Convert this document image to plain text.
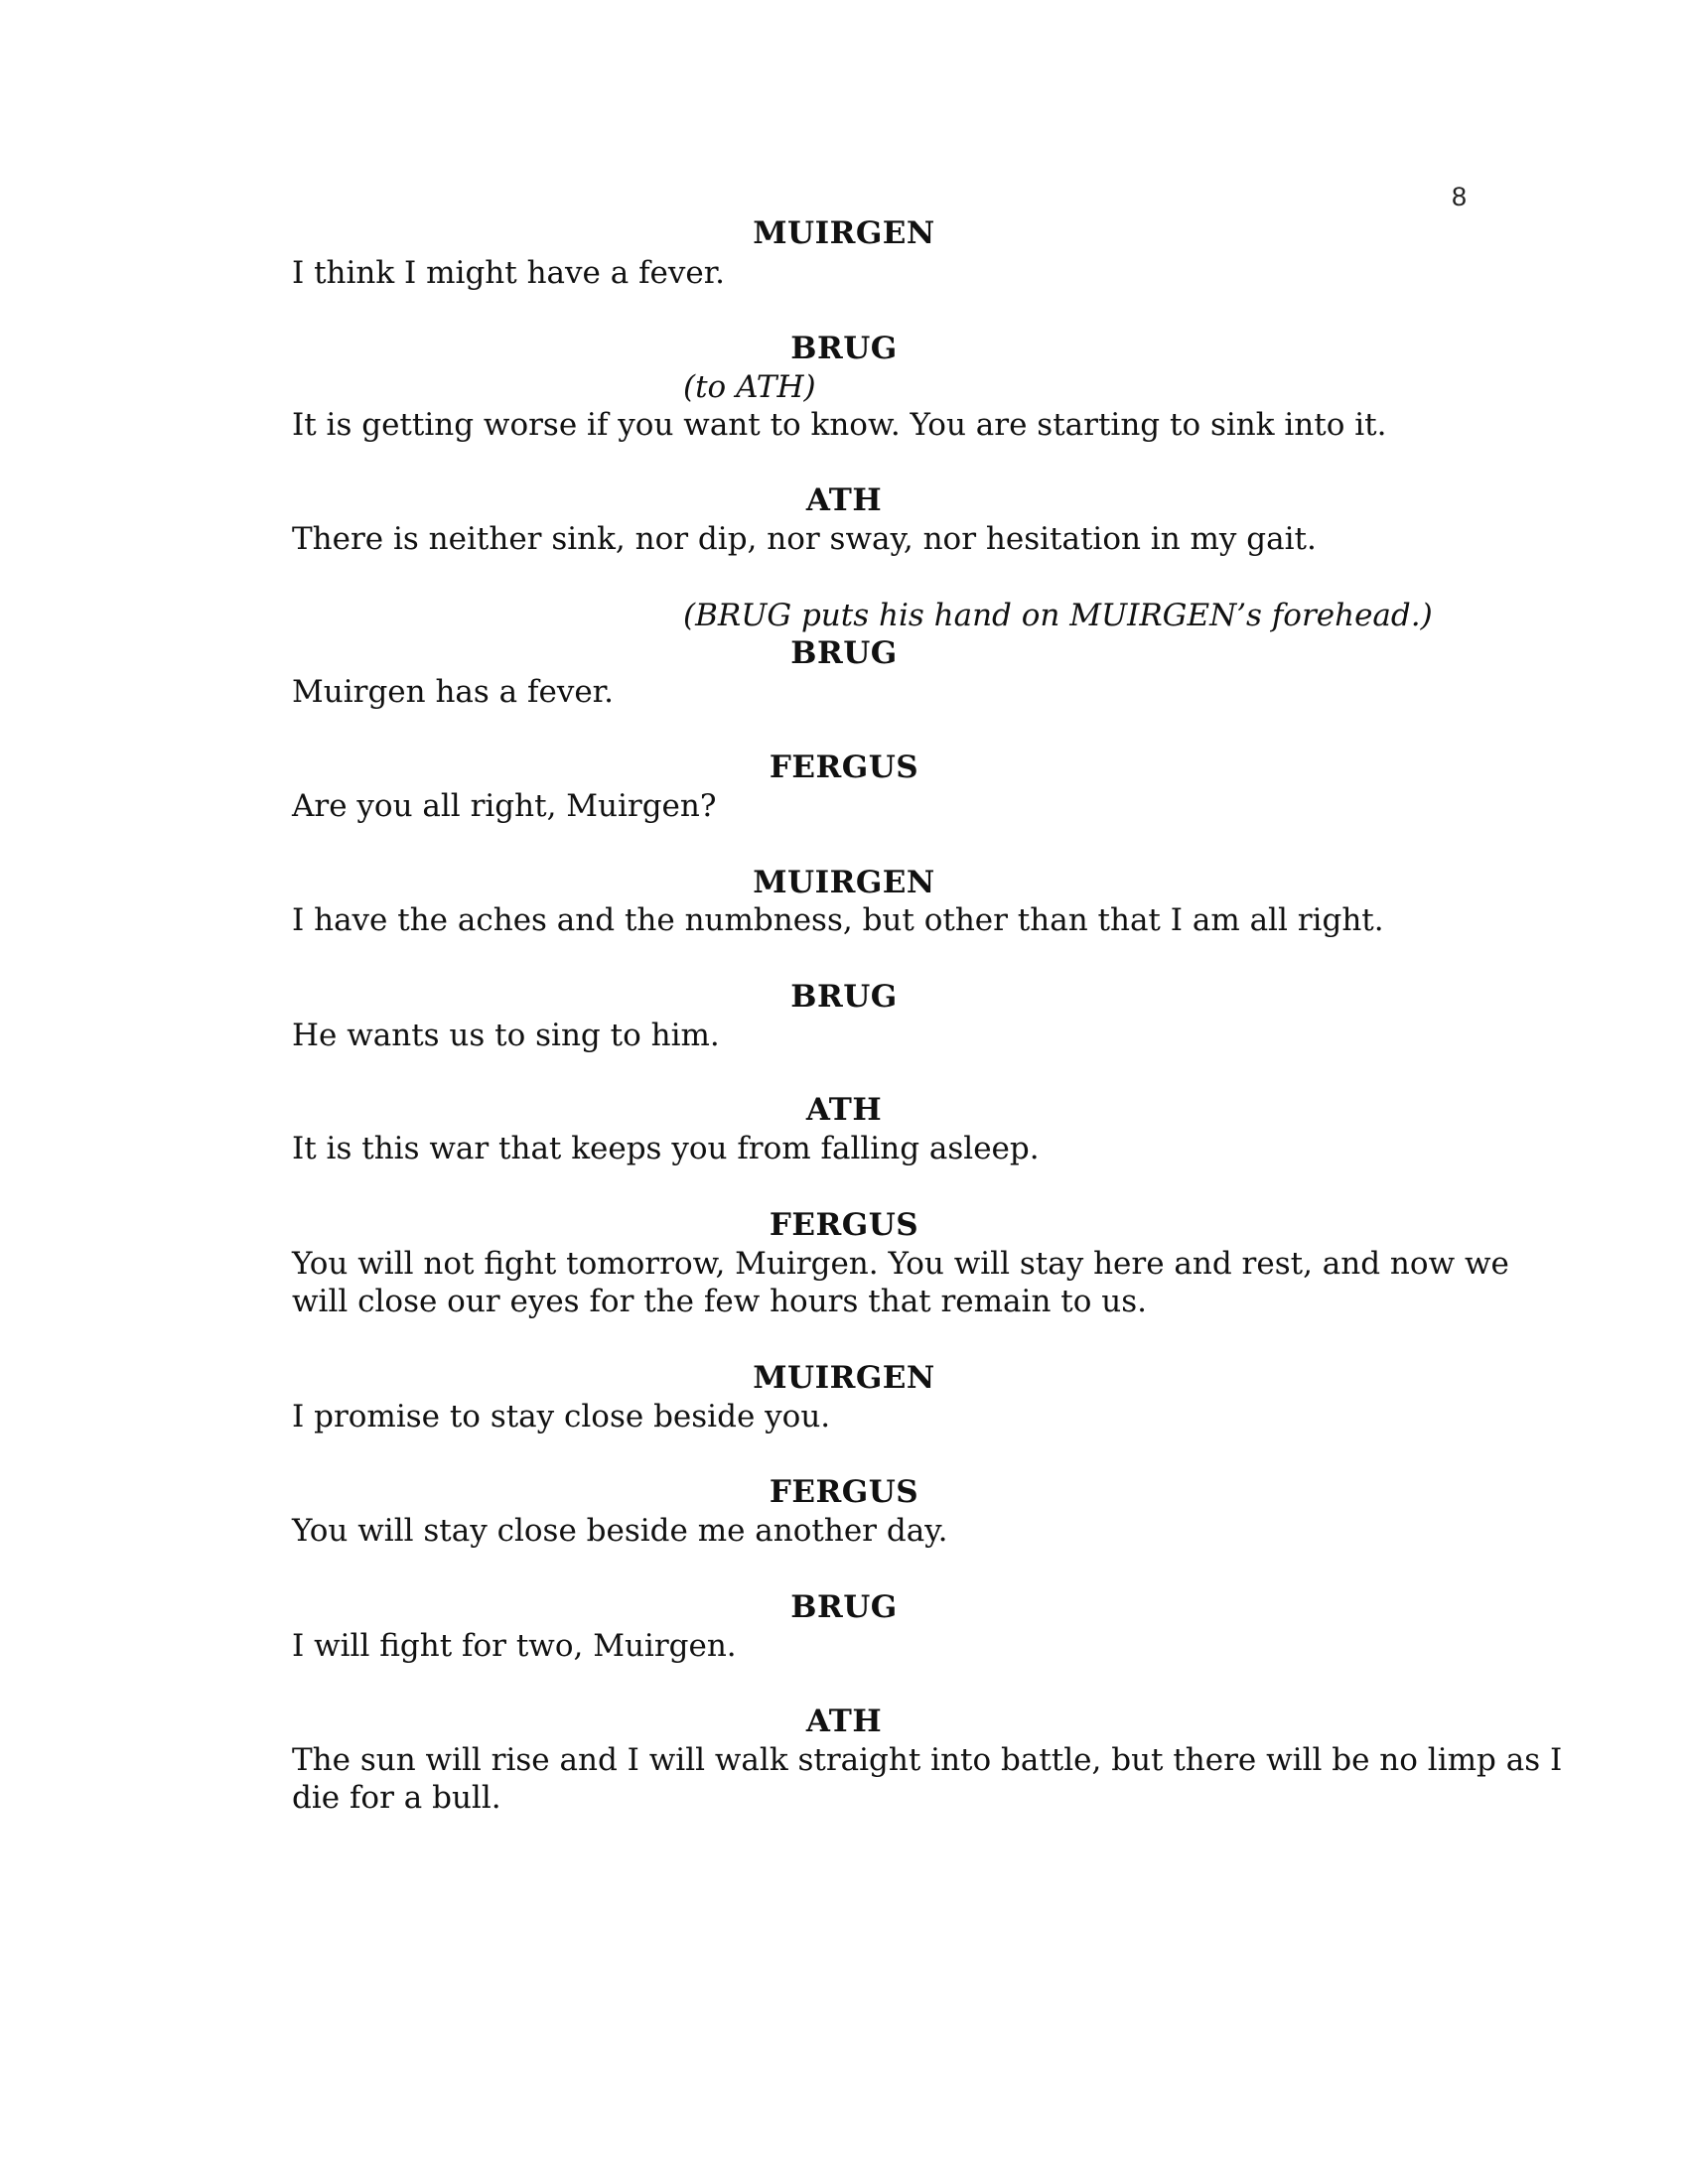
8
MUIRGEN
I think I might have a fever.
BRUG
(to ATH)
It is getting worse if you want to know. You are starting to sink into it.
ATH
There is neither sink, nor dip, nor sway, nor hesitation in my gait.
(BRUG puts his hand on MUIRGEN’s forehead.)
BRUG
Muirgen has a fever.
FERGUS
Are you all right, Muirgen?
MUIRGEN
I have the aches and the numbness, but other than that I am all right.
BRUG
He wants us to sing to him.
ATH
It is this war that keeps you from falling asleep.
FERGUS
You will not fight tomorrow, Muirgen. You will stay here and rest, and now we
will close our eyes for the few hours that remain to us.
MUIRGEN
I promise to stay close beside you.
FERGUS
You will stay close beside me another day.
BRUG
I will fight for two, Muirgen.
ATH
The sun will rise and I will walk straight into battle, but there will be no limp as I
die for a bull.
